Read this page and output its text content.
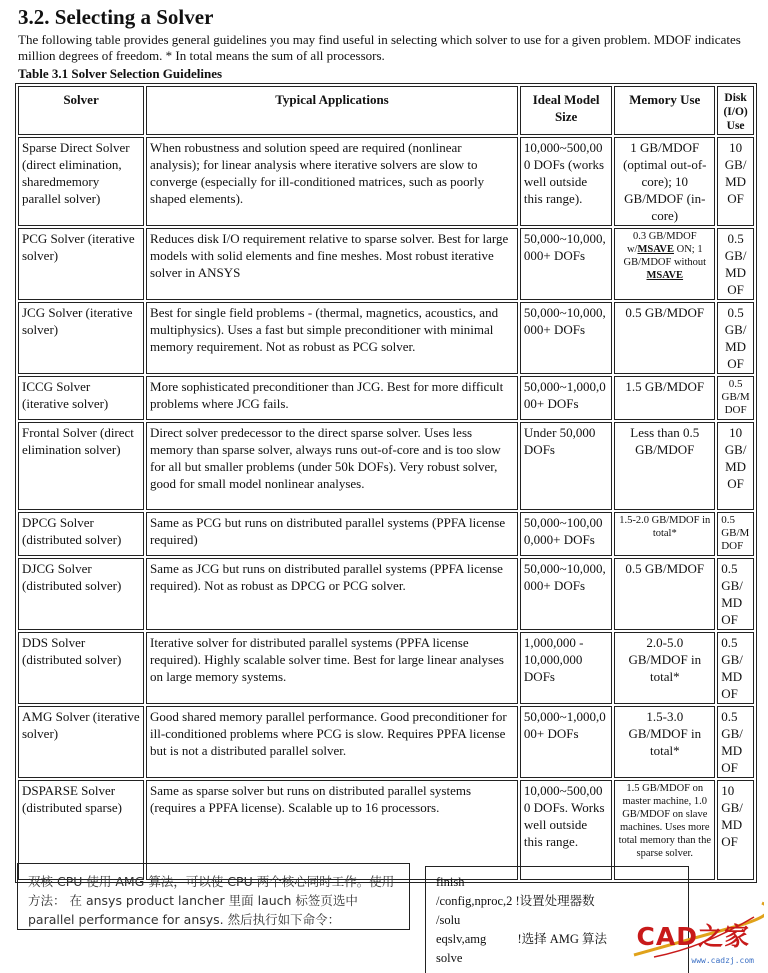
3.2. Selecting a Solver

The following table provides general guidelines you may find useful in selecting which solver to use for a given problem. MDOF indicates million degrees of freedom. * In total means the sum of all processors.

Table 3.1 Solver Selection Guidelines

Solver	Typical Applications	Ideal Model Size	Memory Use	Disk (I/O) Use
Sparse Direct Solver (direct elimination, sharedmemory parallel solver)	When robustness and solution speed are required (nonlinear analysis); for linear analysis where iterative solvers are slow to converge (especially for ill-conditioned matrices, such as poorly shaped elements).	10,000~500,000 DOFs (works well outside this range).	1 GB/MDOF (optimal out-of-core); 10 GB/MDOF (in-core)	10 GB/MDOF
PCG Solver (iterative solver)	Reduces disk I/O requirement relative to sparse solver. Best for large models with solid elements and fine meshes. Most robust iterative solver in ANSYS	50,000~10,000,000+ DOFs	0.3 GB/MDOF w/MSAVE ON; 1 GB/MDOF without MSAVE	0.5 GB/MDOF
JCG Solver (iterative solver)	Best for single field problems - (thermal, magnetics, acoustics, and multiphysics). Uses a fast but simple preconditioner with minimal memory requirement. Not as robust as PCG solver.	50,000~10,000,000+ DOFs	0.5 GB/MDOF	0.5 GB/MDOF
ICCG Solver (iterative solver)	More sophisticated preconditioner than JCG. Best for more difficult problems where JCG fails.	50,000~1,000,000+ DOFs	1.5 GB/MDOF	0.5 GB/MDOF
Frontal Solver (direct elimination solver)	Direct solver predecessor to the direct sparse solver. Uses less memory than sparse solver, always runs out-of-core and is too slow for all but smaller problems (under 50k DOFs). Very robust solver, good for small model nonlinear analyses.	Under 50,000 DOFs	Less than 0.5 GB/MDOF	10 GB/MDOF
DPCG Solver (distributed solver)	Same as PCG but runs on distributed parallel systems (PPFA license required)	50,000~100,000,000+ DOFs	1.5-2.0 GB/MDOF in total*	0.5 GB/MDOF
DJCG Solver (distributed solver)	Same as JCG but runs on distributed parallel systems (PPFA license required). Not as robust as DPCG or PCG solver.	50,000~10,000,000+ DOFs	0.5 GB/MDOF	0.5 GB/MDOF
DDS Solver (distributed solver)	Iterative solver for distributed parallel systems (PPFA license required). Highly scalable solver time. Best for large linear analyses on large memory systems.	1,000,000 - 10,000,000 DOFs	2.0-5.0 GB/MDOF in total*	0.5 GB/MDOF
AMG Solver (iterative solver)	Good shared memory parallel performance. Good preconditioner for ill-conditioned problems where PCG is slow. Requires PPFA license but is not a distributed parallel solver.	50,000~1,000,000+ DOFs	1.5-3.0 GB/MDOF in total*	0.5 GB/MDOF
DSPARSE Solver (distributed sparse)	Same as sparse solver but runs on distributed parallel systems (requires a PPFA license). Scalable up to 16 processors.	10,000~500,000 DOFs. Works well outside this range.	1.5 GB/MDOF on master machine, 1.0 GB/MDOF on slave machines. Uses more total memory than the sparse solver.	10 GB/MDOF
双核 CPU 使用 AMG 算法，可以使 CPU 两个核心同时工作。使用方法： 在 ansys product lancher 里面 lauch 标签页选中 parallel performance for ansys. 然后执行如下命令：
finish
/config,nproc,2 !设置处理器数
/solu
eqslv,amg          !选择 AMG 算法
solve
CAD之家
www.cadzj.com
